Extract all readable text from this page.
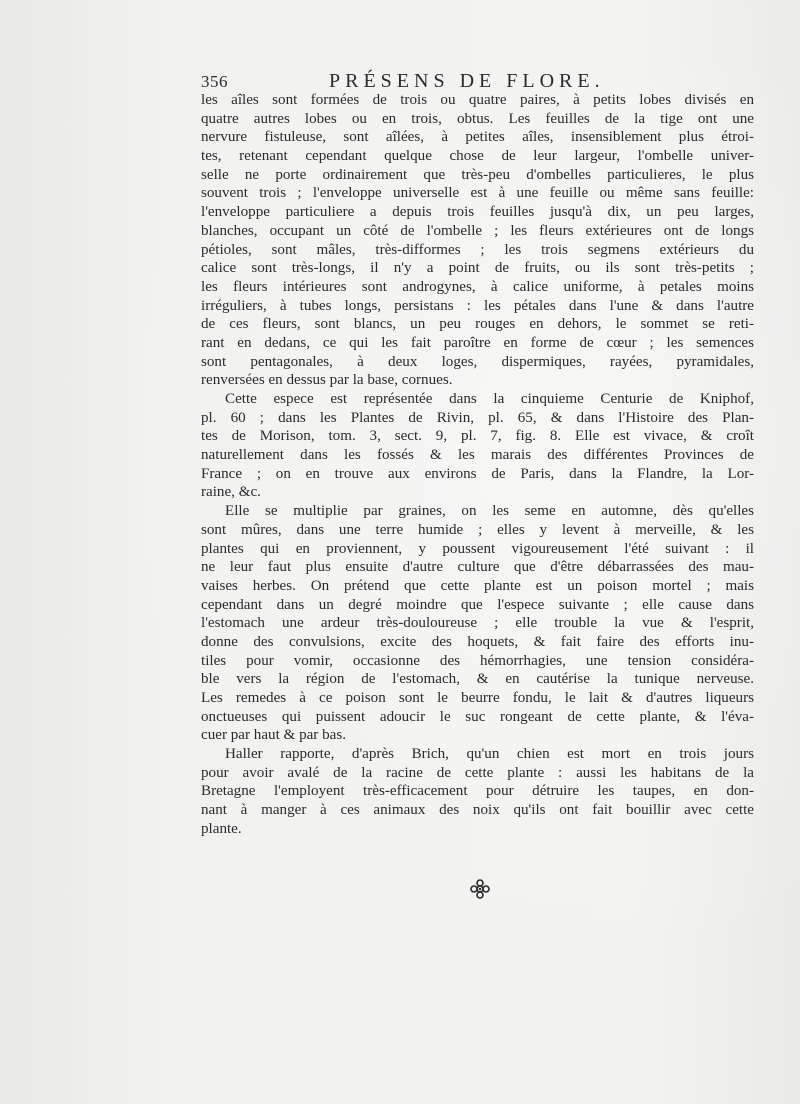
356	PRÉSENS DE FLORE.
les aîles sont formées de trois ou quatre paires, à petits lobes divisés en
quatre autres lobes ou en trois, obtus. Les feuilles de la tige ont une
nervure fistuleuse, sont aîlées, à petites aîles, insensiblement plus étroi-
tes, retenant cependant quelque chose de leur largeur, l'ombelle univer-
selle ne porte ordinairement que très-peu d'ombelles particulieres, le plus
souvent trois ; l'enveloppe universelle est à une feuille ou même sans feuille:
l'enveloppe particuliere a depuis trois feuilles jusqu'à dix, un peu larges,
blanches, occupant un côté de l'ombelle ; les fleurs extérieures ont de longs
pétioles, sont mâles, très-difformes ; les trois segmens extérieurs du
calice sont très-longs, il n'y a point de fruits, ou ils sont très-petits ;
les fleurs intérieures sont androgynes, à calice uniforme, à petales moins
irréguliers, à tubes longs, persistans : les pétales dans l'une & dans l'autre
de ces fleurs, sont blancs, un peu rouges en dehors, le sommet se reti-
rant en dedans, ce qui les fait paroître en forme de cœur ; les semences
sont pentagonales, à deux loges, dispermiques, rayées, pyramidales,
renversées en dessus par la base, cornues.
Cette espece est représentée dans la cinquieme Centurie de Kniphof,
pl. 60 ; dans les Plantes de Rivin, pl. 65, & dans l'Histoire des Plan-
tes de Morison, tom. 3, sect. 9, pl. 7, fig. 8. Elle est vivace, & croît
naturellement dans les fossés & les marais des différentes Provinces de
France ; on en trouve aux environs de Paris, dans la Flandre, la Lor-
raine, &c.
Elle se multiplie par graines, on les seme en automne, dès qu'elles
sont mûres, dans une terre humide ; elles y levent à merveille, & les
plantes qui en proviennent, y poussent vigoureusement l'été suivant : il
ne leur faut plus ensuite d'autre culture que d'être débarrassées des mau-
vaises herbes. On prétend que cette plante est un poison mortel ; mais
cependant dans un degré moindre que l'espece suivante ; elle cause dans
l'estomach une ardeur très-douloureuse ; elle trouble la vue & l'esprit,
donne des convulsions, excite des hoquets, & fait faire des efforts inu-
tiles pour vomir, occasionne des hémorrhagies, une tension considéra-
ble vers la région de l'estomach, & en cautérise la tunique nerveuse.
Les remedes à ce poison sont le beurre fondu, le lait & d'autres liqueurs
onctueuses qui puissent adoucir le suc rongeant de cette plante, & l'éva-
cuer par haut & par bas.
Haller rapporte, d'après Brich, qu'un chien est mort en trois jours
pour avoir avalé de la racine de cette plante : aussi les habitans de la
Bretagne l'employent très-efficacement pour détruire les taupes, en don-
nant à manger à ces animaux des noix qu'ils ont fait bouillir avec cette
plante.
